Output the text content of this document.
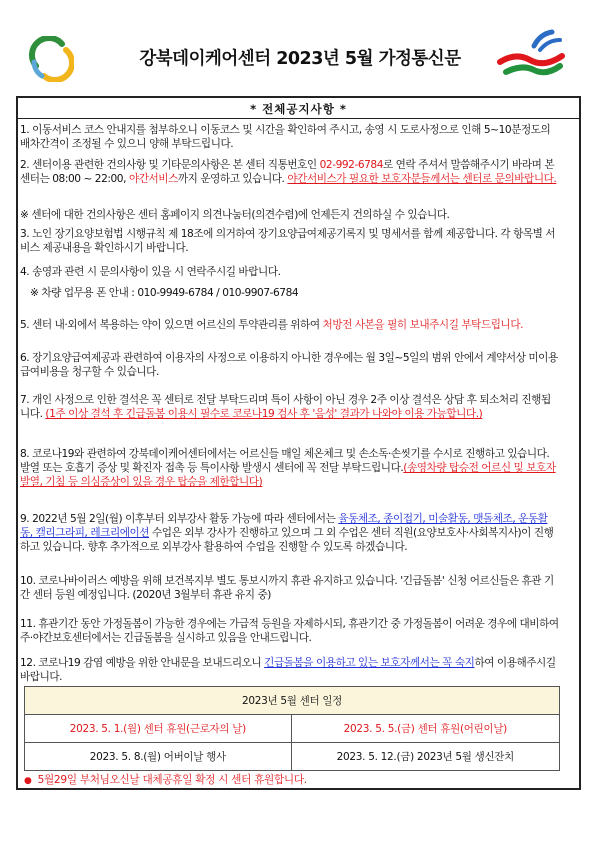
강북데이케어센터 2023년 5월 가정통신문
* 전체공지사항 *
1. 이동서비스 코스 안내지를 첨부하오니 이동코스 및 시간을 확인하여 주시고, 송영 시 도로사정으로 인해 5~10분정도의 배차간격이 조정될 수 있으니 양해 부탁드립니다.
2. 센터이용 관련한 건의사항 및 기타문의사항은 본 센터 직통번호인 02-992-6784로 연락 주셔서 말씀해주시기 바라며 본 센터는 08:00 ~ 22:00, 야간서비스까지 운영하고 있습니다. 야간서비스가 필요한 보호자분들께서는 센터로 문의바랍니다.
※ 센터에 대한 건의사항은 센터 홈페이지 의견나눔터(의견수렴)에 언제든지 건의하실 수 있습니다.
3. 노인 장기요양보험법 시행규칙 제 18조에 의거하여 장기요양급여제공기록지 및 명세서를 함께 제공합니다. 각 항목별 서비스 제공내용을 확인하시기 바랍니다.
4. 송영과 관련 시 문의사항이 있을 시 연락주시길 바랍니다.
※ 차량 업무용 폰 안내 : 010-9949-6784 / 010-9907-6784
5. 센터 내·외에서 복용하는 약이 있으면 어르신의 투약관리를 위하여 처방전 사본을 필히 보내주시길 부탁드립니다.
6. 장기요양급여제공과 관련하여 이용자의 사정으로 이용하지 아니한 경우에는 월 3일~5일의 범위 안에서 계약서상 미이용 급여비용을 청구할 수 있습니다.
7. 개인 사정으로 인한 결석은 꼭 센터로 전달 부탁드리며 특이 사항이 아닌 경우 2주 이상 결석은 상담 후 퇴소처리 진행됩니다. (1주 이상 결석 후 긴급돌봄 이용시 필수로 코로나19 검사 후 '음성' 결과가 나와야 이용 가능합니다.)
8. 코로나19와 관련하여 강북데이케어센터에서는 어르신들 매일 체온체크 및 손소독·손씻기를 수시로 진행하고 있습니다. 발열 또는 호흡기 증상 및 확진자 접촉 등 특이사항 발생시 센터에 꼭 전달 부탁드립니다.(송영차량 탑승전 어르신 및 보호자 발열, 기침 등 의심증상이 있을 경우 탑승을 제한합니다)
9. 2022년 5월 2일(월) 이후부터 외부강사 활동 가능에 따라 센터에서는 율동체조, 종이접기, 미술활동, 맷돌체조, 운동활동, 캘리그라피, 레크리에이션 수업은 외부 강사가 진행하고 있으며 그 외 수업은 센터 직원(요양보호사·사회복지사)이 진행하고 있습니다. 향후 추가적으로 외부강사 활용하여 수업을 진행할 수 있도록 하겠습니다.
10. 코로나바이러스 예방을 위해 보건복지부 별도 통보시까지 휴관 유지하고 있습니다. '긴급돌봄' 신청 어르신들은 휴관 기간 센터 등원 예정입니다. (2020년 3월부터 휴관 유지 중)
11. 휴관기간 동안 가정돌봄이 가능한 경우에는 가급적 등원을 자제하시되, 휴관기간 중 가정돌봄이 어려운 경우에 대비하여 주·야간보호센터에서는 긴급돌봄을 실시하고 있음을 안내드립니다.
12. 코로나19 감염 예방을 위한 안내문을 보내드리오니 긴급돌봄을 이용하고 있는 보호자께서는 꼭 숙지하여 이용해주시길 바랍니다.
2023년 5월 센터 일정	
2023. 5. 1.(월) 센터 휴원(근로자의 날)	2023. 5. 5.(금) 센터 휴원(어린이날)
2023. 5. 8.(월) 어버이날 행사	2023. 5. 12.(금) 2023년 5월 생신잔치
● 5월29일 부처님오신날 대체공휴일 확정 시 센터 휴원합니다.
